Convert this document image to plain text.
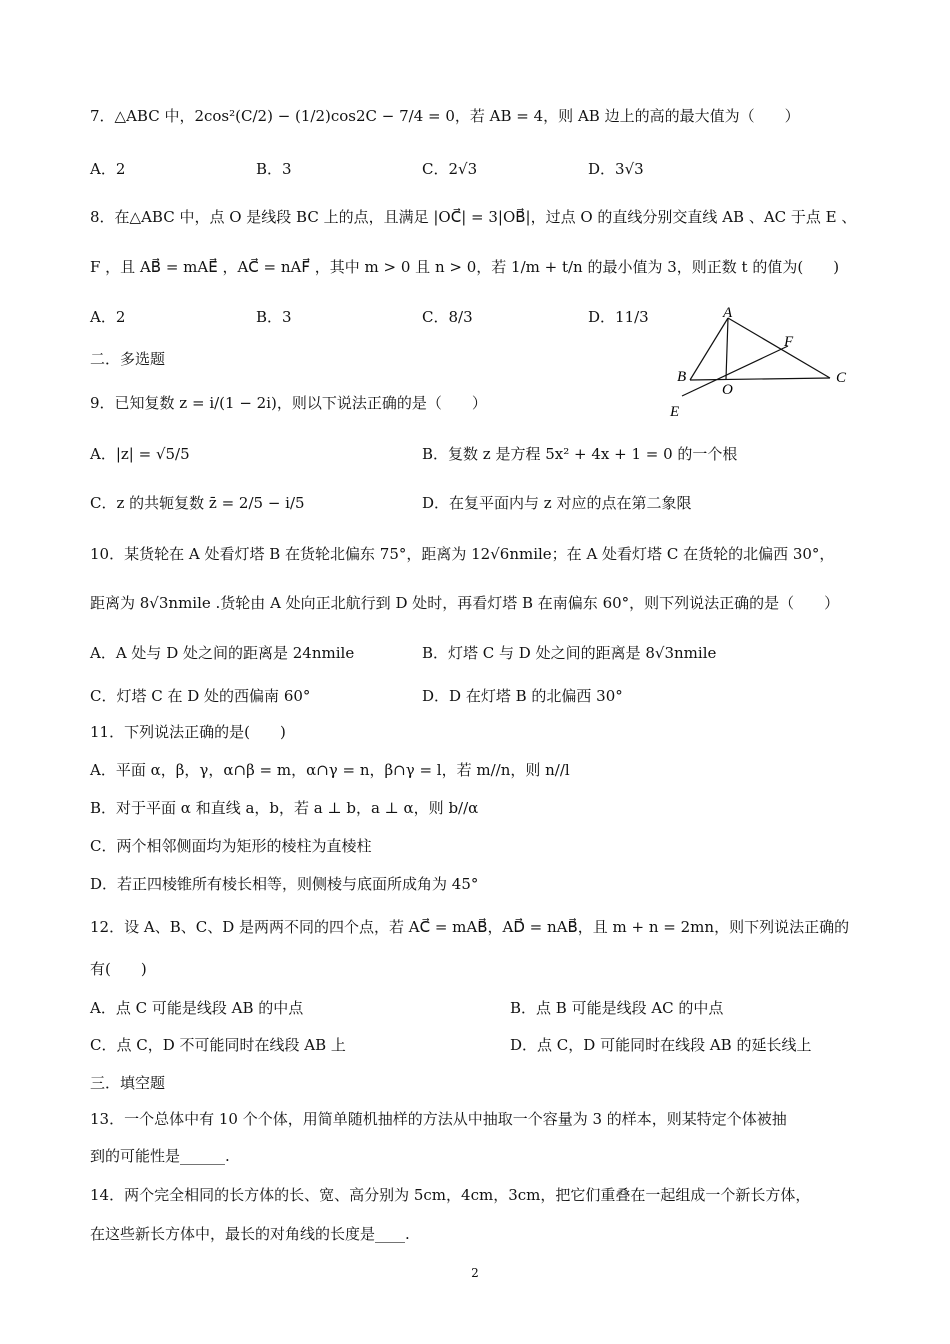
7．△ABC 中，2cos²(C/2) − (1/2)cos2C − 7/4 = 0，若 AB = 4，则 AB 边上的高的最大值为（　　）
A．2	B．3	C．2√3	D．3√3
8．在△ABC 中，点 O 是线段 BC 上的点，且满足 |OC⃗| = 3|OB⃗|，过点 O 的直线分别交直线 AB 、AC 于点 E 、
F ，且 AB⃗ = mAE⃗ ，AC⃗ = nAF⃗ ，其中 m > 0 且 n > 0，若 1/m + t/n 的最小值为 3，则正数 t 的值为(　　)
A．2	B．3	C．8/3	D．11/3	A
F
B
O
C
E
二．多选题
9．已知复数 z = i/(1 − 2i)，则以下说法正确的是（　　）
A．|z| = √5/5	B．复数 z 是方程 5x² + 4x + 1 = 0 的一个根
C．z 的共轭复数 z̄ = 2/5 − i/5	D．在复平面内与 z 对应的点在第二象限
10．某货轮在 A 处看灯塔 B 在货轮北偏东 75°，距离为 12√6nmile；在 A 处看灯塔 C 在货轮的北偏西 30°，
距离为 8√3nmile .货轮由 A 处向正北航行到 D 处时，再看灯塔 B 在南偏东 60°，则下列说法正确的是（　　）
A．A 处与 D 处之间的距离是 24nmile	B．灯塔 C 与 D 处之间的距离是 8√3nmile
C．灯塔 C 在 D 处的西偏南 60°	D．D 在灯塔 B 的北偏西 30°
11．下列说法正确的是(　　)
A．平面 α，β，γ，α∩β = m，α∩γ = n，β∩γ = l，若 m//n，则 n//l
B．对于平面 α 和直线 a，b，若 a ⊥ b，a ⊥ α，则 b//α
C．两个相邻侧面均为矩形的棱柱为直棱柱
D．若正四棱锥所有棱长相等，则侧棱与底面所成角为 45°
12．设 A、B、C、D 是两两不同的四个点，若 AC⃗ = mAB⃗，AD⃗ = nAB⃗，且 m + n = 2mn，则下列说法正确的
有(　　)
A．点 C 可能是线段 AB 的中点	B．点 B 可能是线段 AC 的中点
C．点 C，D 不可能同时在线段 AB 上	D．点 C，D 可能同时在线段 AB 的延长线上
三．填空题
13．一个总体中有 10 个个体，用简单随机抽样的方法从中抽取一个容量为 3 的样本，则某特定个体被抽
到的可能性是______.
14．两个完全相同的长方体的长、宽、高分别为 5cm，4cm，3cm，把它们重叠在一起组成一个新长方体，
在这些新长方体中，最长的对角线的长度是____.
2
